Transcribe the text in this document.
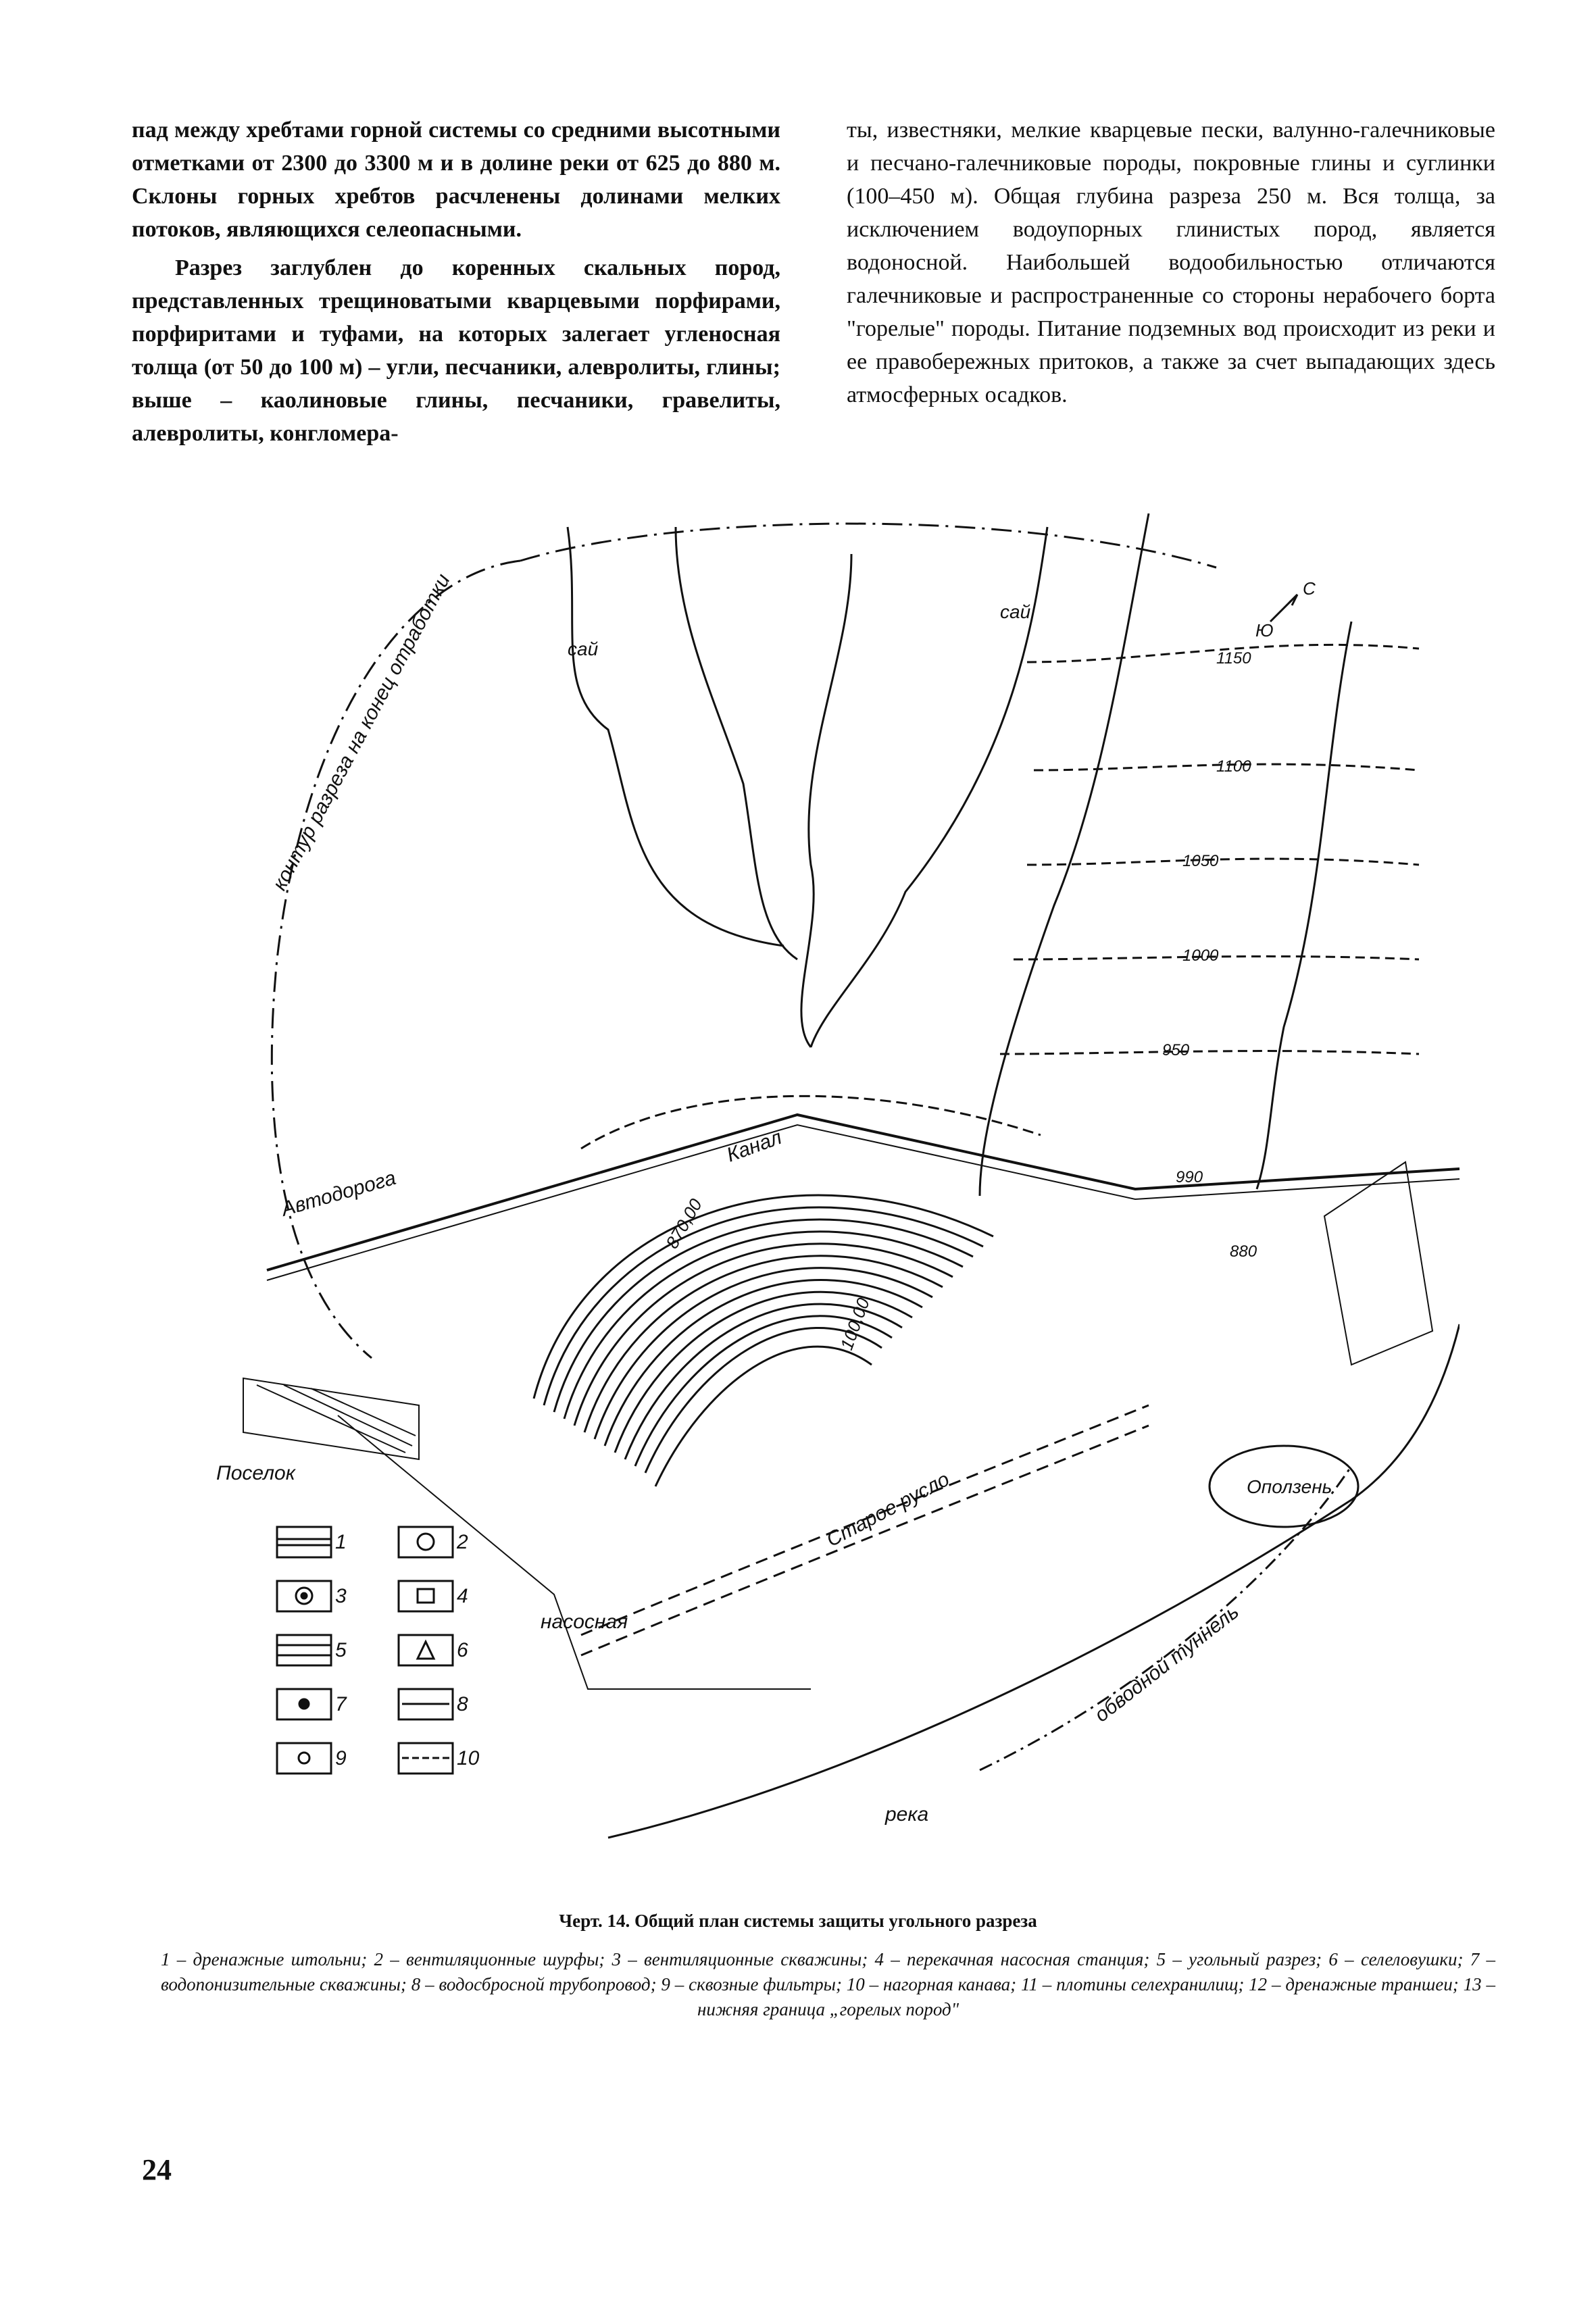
пад между хребтами горной системы со средними высотными отметками от 2300 до 3300 м и в долине реки от 625 до 880 м. Склоны горных хребтов расчленены долинами мелких потоков, являющихся селеопасными.

Разрез заглублен до коренных скальных пород, представленных трещиноватыми кварцевыми порфирами, порфиритами и туфами, на которых залегает угленосная толща (от 50 до 100 м) – угли, песчаники, алевролиты, глины; выше – каолиновые глины, песчаники, гравелиты, алевролиты, конгломера-

ты, известняки, мелкие кварцевые пески, валунно-галечниковые и песчано-галечниковые породы, покровные глины и суглинки (100–450 м). Общая глубина разреза 250 м. Вся толща, за исключением водоупорных глинистых пород, является водоносной. Наибольшей водообильностью отличаются галечниковые и распространенные со стороны нерабочего борта "горелые" породы. Питание подземных вод происходит из реки и ее правобережных притоков, а также за счет выпадающих здесь атмосферных осадков.

С
Ю
контур разреза на конец отработки
Автодорога
Канал
Поселок
насосная
Старое русло	Оползень
обводной туннель
река
сай
сай	1150
1100
1050
1000
950
990
880
870,00
100,00
1	2
3	4
5	6
7	8
9	10
Черт. 14. Общий план системы защиты угольного разреза
1 – дренажные штольни; 2 – вентиляционные шурфы; 3 – вентиляционные скважины; 4 – перекачная насосная станция; 5 – угольный разрез; 6 – селеловушки; 7 – водопонизительные скважины; 8 – водосбросной трубопровод; 9 – сквозные фильтры; 10 – нагорная канава; 11 – плотины селехранилищ; 12 – дренажные траншеи; 13 – нижняя граница „горелых пород"
24
